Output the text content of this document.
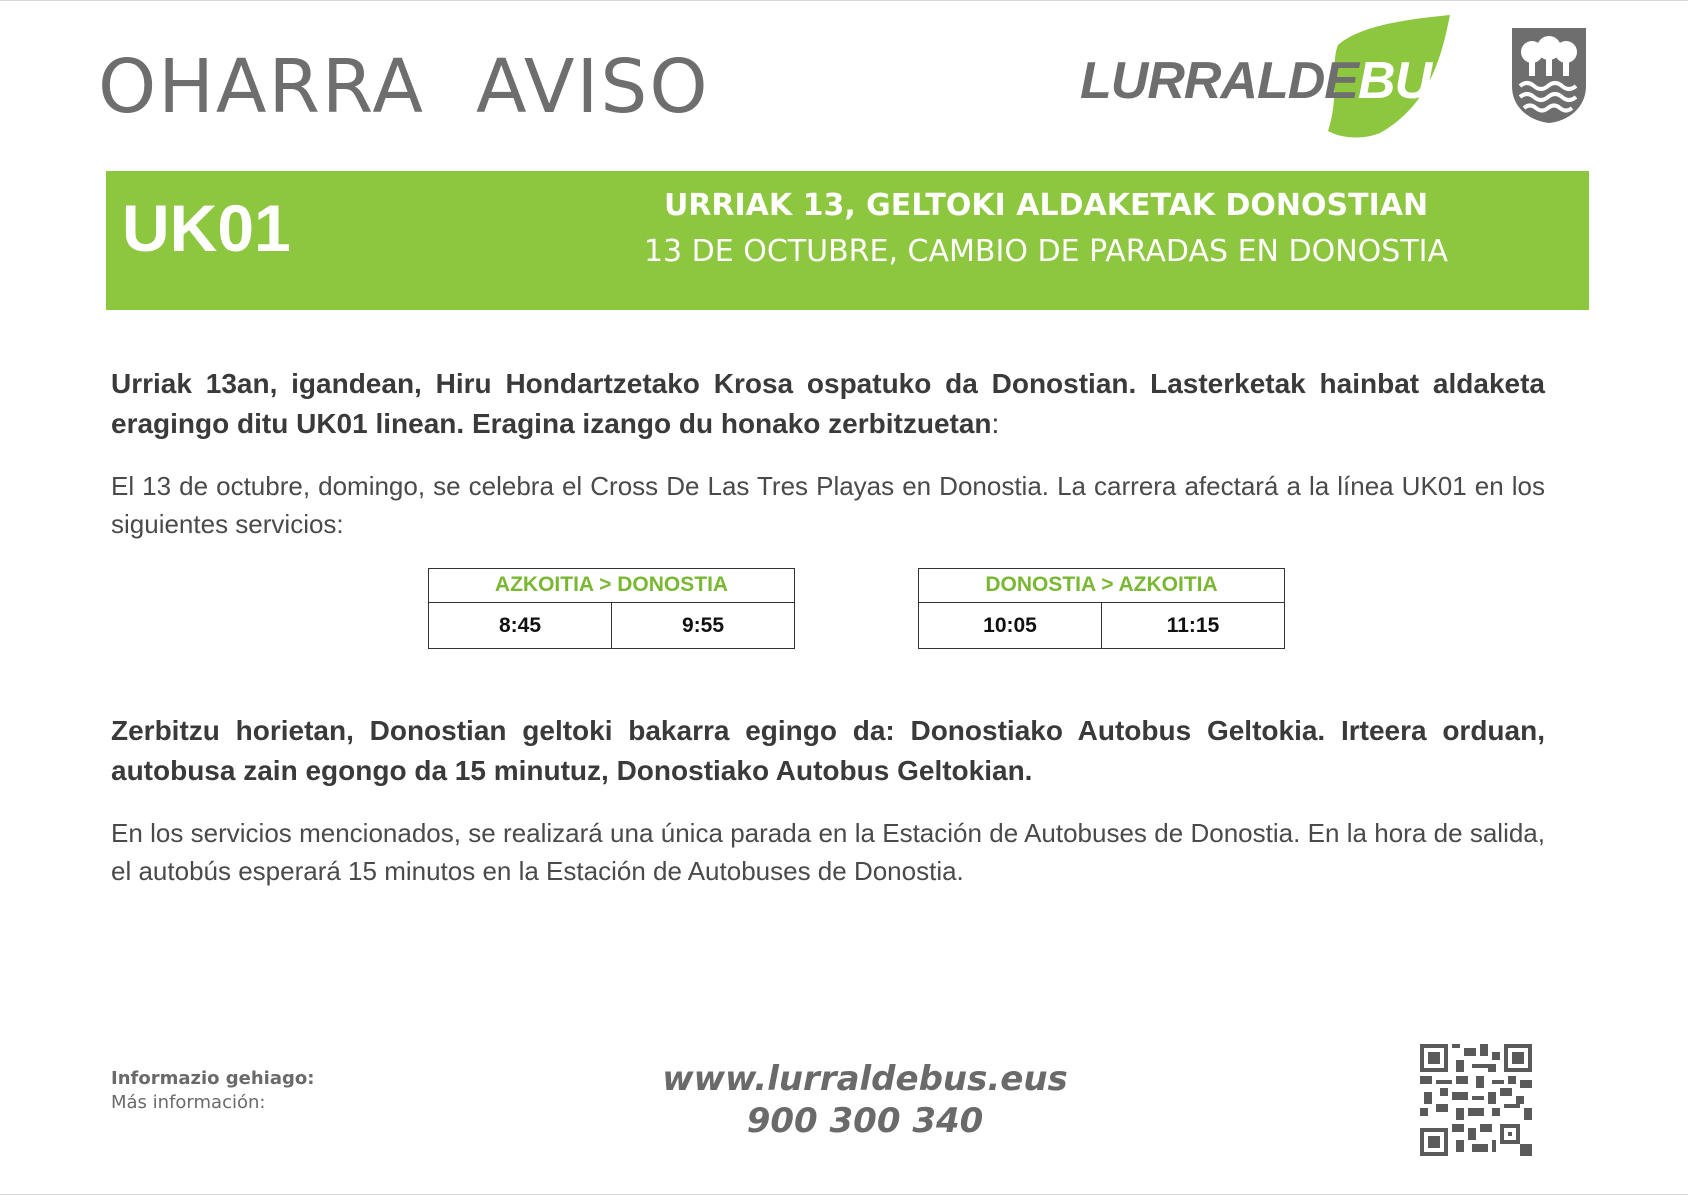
OHARRA  AVISO	LURRALDEBUS
UK01	URRIAK 13, GELTOKI ALDAKETAK DONOSTIAN
13 DE OCTUBRE, CAMBIO DE PARADAS EN DONOSTIA
Urriak 13an, igandean, Hiru Hondartzetako Krosa ospatuko da Donostian. Lasterketak hainbat aldaketa eragingo ditu UK01 linean. Eragina izango du honako zerbitzuetan:
El 13 de octubre, domingo, se celebra el Cross De Las Tres Playas en Donostia. La carrera afectará a la línea UK01 en los siguientes servicios:
AZKOITIA > DONOSTIA
8:45	9:55
DONOSTIA > AZKOITIA
10:05	11:15
Zerbitzu horietan, Donostian geltoki bakarra egingo da: Donostiako Autobus Geltokia. Irteera orduan, autobusa zain egongo da 15 minutuz, Donostiako Autobus Geltokian.
En los servicios mencionados, se realizará una única parada en la Estación de Autobuses de Donostia. En la hora de salida, el autobús esperará 15 minutos en la Estación de Autobuses de Donostia.
Informazio gehiago:
Más información:
www.lurraldebus.eus
900 300 340
